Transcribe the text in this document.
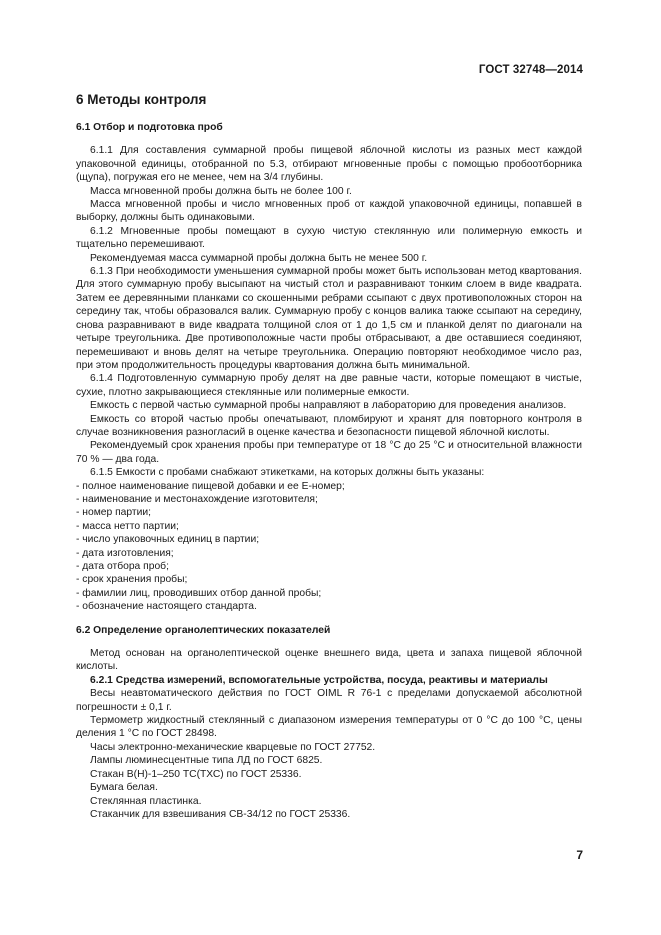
ГОСТ 32748—2014

6 Методы контроля

6.1 Отбор и подготовка проб

6.1.1 Для составления суммарной пробы пищевой яблочной кислоты из разных мест каждой упаковочной единицы, отобранной по 5.3, отбирают мгновенные пробы с помощью пробоотборника (щупа), погружая его не менее, чем на 3/4 глубины.

Масса мгновенной пробы должна быть не более 100 г.

Масса мгновенной пробы и число мгновенных проб от каждой упаковочной единицы, попавшей в выборку, должны быть одинаковыми.

6.1.2 Мгновенные пробы помещают в сухую чистую стеклянную или полимерную емкость и тщательно перемешивают.

Рекомендуемая масса суммарной пробы должна быть не менее 500 г.

6.1.3 При необходимости уменьшения суммарной пробы может быть использован метод квартования. Для этого суммарную пробу высыпают на чистый стол и разравнивают тонким слоем в виде квадрата. Затем ее деревянными планками со скошенными ребрами ссыпают с двух противоположных сторон на середину так, чтобы образовался валик. Суммарную пробу с концов валика также ссыпают на середину, снова разравнивают в виде квадрата толщиной слоя от 1 до 1,5 см и планкой делят по диагонали на четыре треугольника. Две противоположные части пробы отбрасывают, а две оставшиеся соединяют, перемешивают и вновь делят на четыре треугольника. Операцию повторяют необходимое число раз, при этом продолжительность процедуры квартования должна быть минимальной.

6.1.4 Подготовленную суммарную пробу делят на две равные части, которые помещают в чистые, сухие, плотно закрывающиеся стеклянные или полимерные емкости.

Емкость с первой частью суммарной пробы направляют в лабораторию для проведения анализов.

Емкость со второй частью пробы опечатывают, пломбируют и хранят для повторного контроля в случае возникновения разногласий в оценке качества и безопасности пищевой яблочной кислоты.

Рекомендуемый срок хранения пробы при температуре от 18 °С до 25 °С и относительной влажности 70 % — два года.

6.1.5 Емкости с пробами снабжают этикетками, на которых должны быть указаны:

- полное наименование пищевой добавки и ее Е-номер;

- наименование и местонахождение изготовителя;

- номер партии;

- масса нетто партии;

- число упаковочных единиц в партии;

- дата изготовления;

- дата отбора проб;

- срок хранения пробы;

- фамилии лиц, проводивших отбор данной пробы;

- обозначение настоящего стандарта.

6.2 Определение органолептических показателей

Метод основан на органолептической оценке внешнего вида, цвета и запаха пищевой яблочной кислоты.

6.2.1 Средства измерений, вспомогательные устройства, посуда, реактивы и материалы

Весы неавтоматического действия по ГОСТ OIML R 76-1 с пределами допускаемой абсолютной погрешности ± 0,1 г.

Термометр жидкостный стеклянный с диапазоном измерения температуры от 0 °С до 100 °С, цены деления 1 °С по ГОСТ 28498.

Часы электронно-механические кварцевые по ГОСТ 27752.

Лампы люминесцентные типа ЛД по ГОСТ 6825.

Стакан В(Н)-1–250 ТС(ТХС) по ГОСТ 25336.

Бумага белая.

Стеклянная пластинка.

Стаканчик для взвешивания СВ-34/12 по ГОСТ 25336.

7
